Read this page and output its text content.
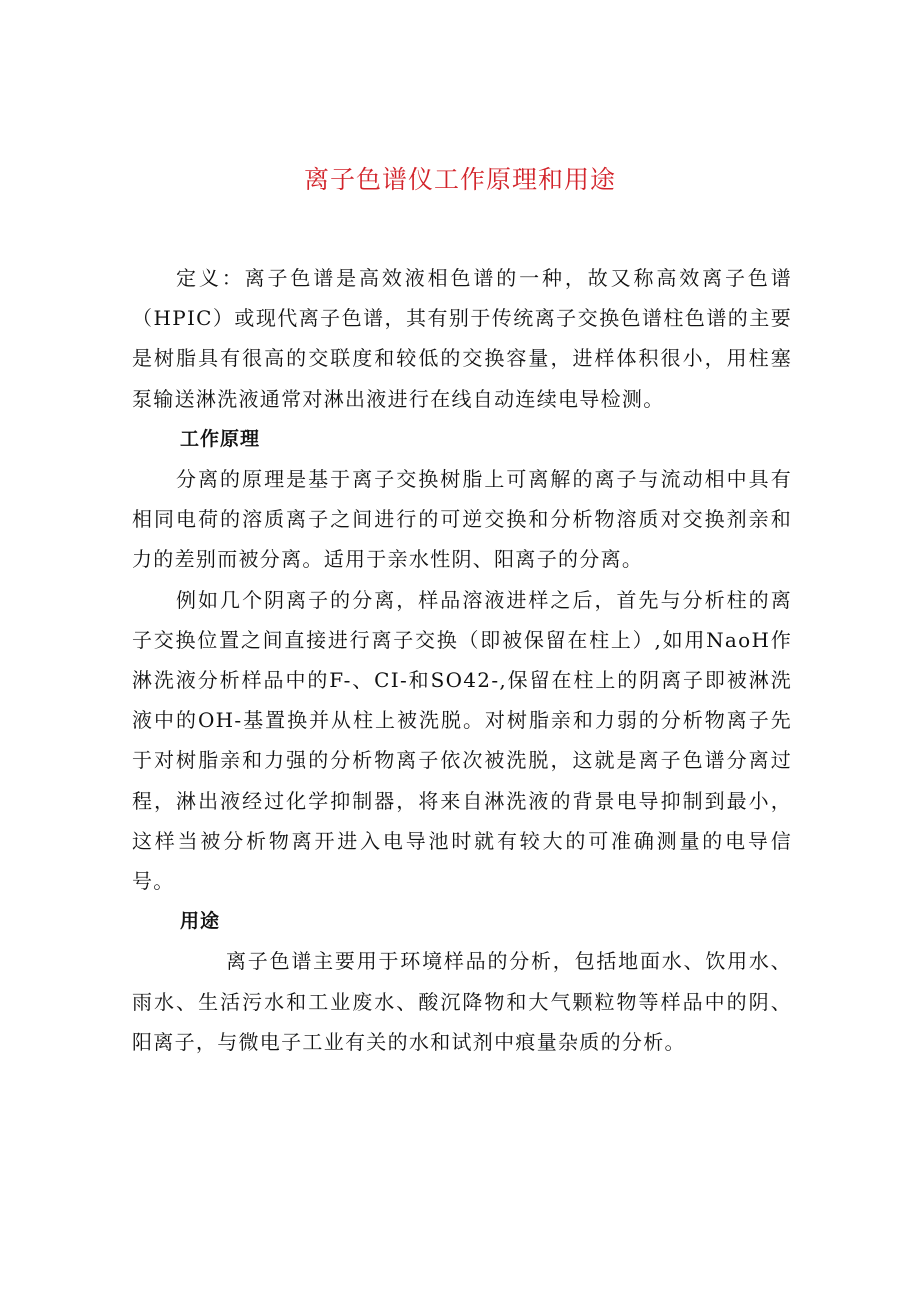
离子色谱仪工作原理和用途

定义：离子色谱是高效液相色谱的一种，故又称高效离子色谱（HPIC）或现代离子色谱，其有别于传统离子交换色谱柱色谱的主要是树脂具有很高的交联度和较低的交换容量，进样体积很小，用柱塞泵输送淋洗液通常对淋出液进行在线自动连续电导检测。

工作原理

分离的原理是基于离子交换树脂上可离解的离子与流动相中具有相同电荷的溶质离子之间进行的可逆交换和分析物溶质对交换剂亲和力的差别而被分离。适用于亲水性阴、阳离子的分离。

例如几个阴离子的分离，样品溶液进样之后，首先与分析柱的离子交换位置之间直接进行离子交换（即被保留在柱上）,如用NaoH作淋洗液分析样品中的F-、CI-和SO42-,保留在柱上的阴离子即被淋洗液中的OH-基置换并从柱上被洗脱。对树脂亲和力弱的分析物离子先于对树脂亲和力强的分析物离子依次被洗脱，这就是离子色谱分离过程，淋出液经过化学抑制器，将来自淋洗液的背景电导抑制到最小，这样当被分析物离开进入电导池时就有较大的可准确测量的电导信号。

用途

离子色谱主要用于环境样品的分析，包括地面水、饮用水、雨水、生活污水和工业废水、酸沉降物和大气颗粒物等样品中的阴、阳离子，与微电子工业有关的水和试剂中痕量杂质的分析。
